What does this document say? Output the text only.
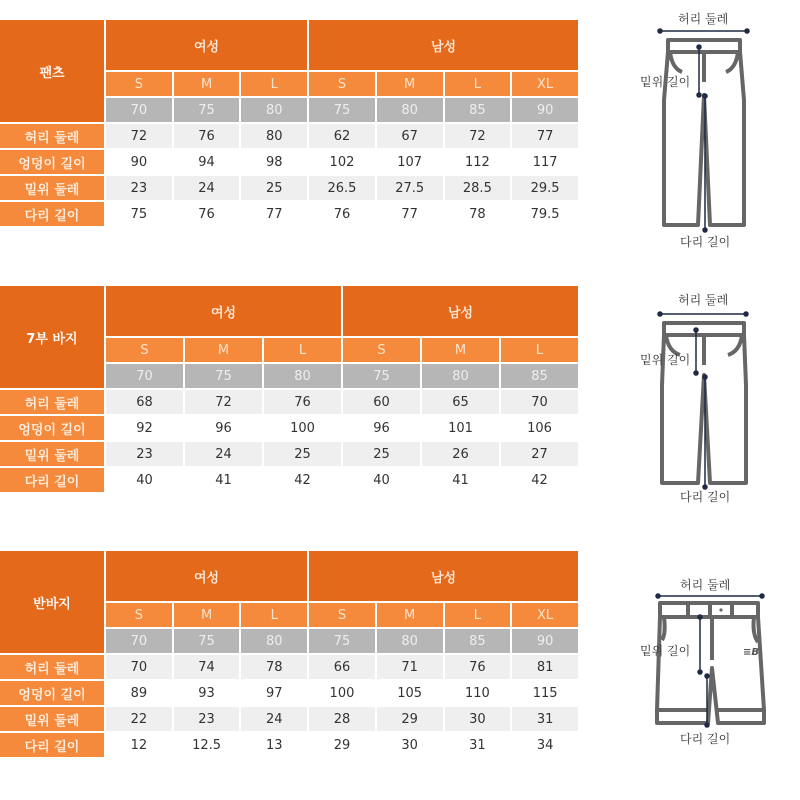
팬츠	여성			남성			
	S	M	L	S	M	L	XL
	70	75	80	75	80	85	90
허리 둘레	72	76	80	62	67	72	77
엉덩이 길이	90	94	98	102	107	112	117
밑위 둘레	23	24	25	26.5	27.5	28.5	29.5
다리 길이	75	76	77	76	77	78	79.5
허리 둘레
밑위 길이
다리 길이
7부 바지	여성			남성		
	S	M	L	S	M	L
	70	75	80	75	80	85
허리 둘레	68	72	76	60	65	70
엉덩이 길이	92	96	100	96	101	106
밑위 둘레	23	24	25	25	26	27
다리 길이	40	41	42	40	41	42
허리 둘레
밑위 길이
다리 길이
반바지	여성			남성			
	S	M	L	S	M	L	XL
	70	75	80	75	80	85	90
허리 둘레	70	74	78	66	71	76	81
엉덩이 길이	89	93	97	100	105	110	115
밑위 둘레	22	23	24	28	29	30	31
다리 길이	12	12.5	13	29	30	31	34
≡B
허리 둘레
밑위 길이
다리 길이
